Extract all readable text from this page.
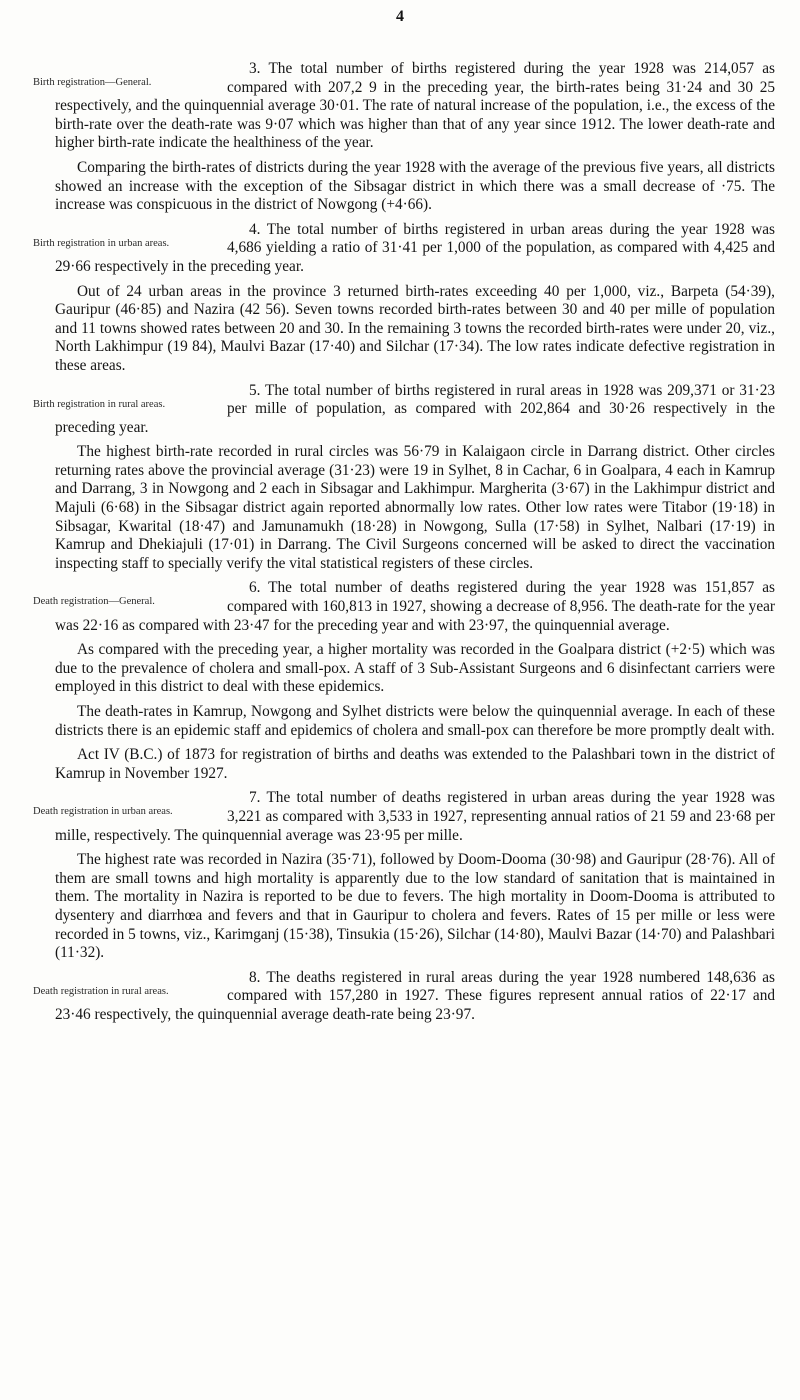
4

Birth registration—General.
3. The total number of births registered during the year 1928 was 214,057 as compared with 207,2 9 in the preceding year, the birth-rates being 31·24 and 30 25 respectively, and the quinquennial average 30·01. The rate of natural increase of the population, i.e., the excess of the birth-rate over the death-rate was 9·07 which was higher than that of any year since 1912. The lower death-rate and higher birth-rate indicate the healthiness of the year.

Comparing the birth-rates of districts during the year 1928 with the average of the previous five years, all districts showed an increase with the exception of the Sibsagar district in which there was a small decrease of ·75. The increase was conspicuous in the district of Nowgong (+4·66).

Birth registration in urban areas.
4. The total number of births registered in urban areas during the year 1928 was 4,686 yielding a ratio of 31·41 per 1,000 of the population, as compared with 4,425 and 29·66 respectively in the preceding year.

Out of 24 urban areas in the province 3 returned birth-rates exceeding 40 per 1,000, viz., Barpeta (54·39), Gauripur (46·85) and Nazira (42 56). Seven towns recorded birth-rates between 30 and 40 per mille of population and 11 towns showed rates between 20 and 30. In the remaining 3 towns the recorded birth-rates were under 20, viz., North Lakhimpur (19 84), Maulvi Bazar (17·40) and Silchar (17·34). The low rates indicate defective registration in these areas.

Birth registration in rural areas.
5. The total number of births registered in rural areas in 1928 was 209,371 or 31·23 per mille of population, as compared with 202,864 and 30·26 respectively in the preceding year.

The highest birth-rate recorded in rural circles was 56·79 in Kalaigaon circle in Darrang district. Other circles returning rates above the provincial average (31·23) were 19 in Sylhet, 8 in Cachar, 6 in Goalpara, 4 each in Kamrup and Darrang, 3 in Nowgong and 2 each in Sibsagar and Lakhimpur. Margherita (3·67) in the Lakhimpur district and Majuli (6·68) in the Sibsagar district again reported abnormally low rates. Other low rates were Titabor (19·18) in Sibsagar, Kwarital (18·47) and Jamunamukh (18·28) in Nowgong, Sulla (17·58) in Sylhet, Nalbari (17·19) in Kamrup and Dhekiajuli (17·01) in Darrang. The Civil Surgeons concerned will be asked to direct the vaccination inspecting staff to specially verify the vital statistical registers of these circles.

Death registration—General.
6. The total number of deaths registered during the year 1928 was 151,857 as compared with 160,813 in 1927, showing a decrease of 8,956. The death-rate for the year was 22·16 as compared with 23·47 for the preceding year and with 23·97, the quinquennial average.

As compared with the preceding year, a higher mortality was recorded in the Goalpara district (+2·5) which was due to the prevalence of cholera and small-pox. A staff of 3 Sub-Assistant Surgeons and 6 disinfectant carriers were employed in this district to deal with these epidemics.

The death-rates in Kamrup, Nowgong and Sylhet districts were below the quinquennial average. In each of these districts there is an epidemic staff and epidemics of cholera and small-pox can therefore be more promptly dealt with.

Act IV (B.C.) of 1873 for registration of births and deaths was extended to the Palashbari town in the district of Kamrup in November 1927.

Death registration in urban areas.
7. The total number of deaths registered in urban areas during the year 1928 was 3,221 as compared with 3,533 in 1927, representing annual ratios of 21 59 and 23·68 per mille, respectively. The quinquennial average was 23·95 per mille.

The highest rate was recorded in Nazira (35·71), followed by Doom-Dooma (30·98) and Gauripur (28·76). All of them are small towns and high mortality is apparently due to the low standard of sanitation that is maintained in them. The mortality in Nazira is reported to be due to fevers. The high mortality in Doom-Dooma is attributed to dysentery and diarrhœa and fevers and that in Gauripur to cholera and fevers. Rates of 15 per mille or less were recorded in 5 towns, viz., Karimganj (15·38), Tinsukia (15·26), Silchar (14·80), Maulvi Bazar (14·70) and Palashbari (11·32).

Death registration in rural areas.
8. The deaths registered in rural areas during the year 1928 numbered 148,636 as compared with 157,280 in 1927. These figures represent annual ratios of 22·17 and 23·46 respectively, the quinquennial average death-rate being 23·97.
